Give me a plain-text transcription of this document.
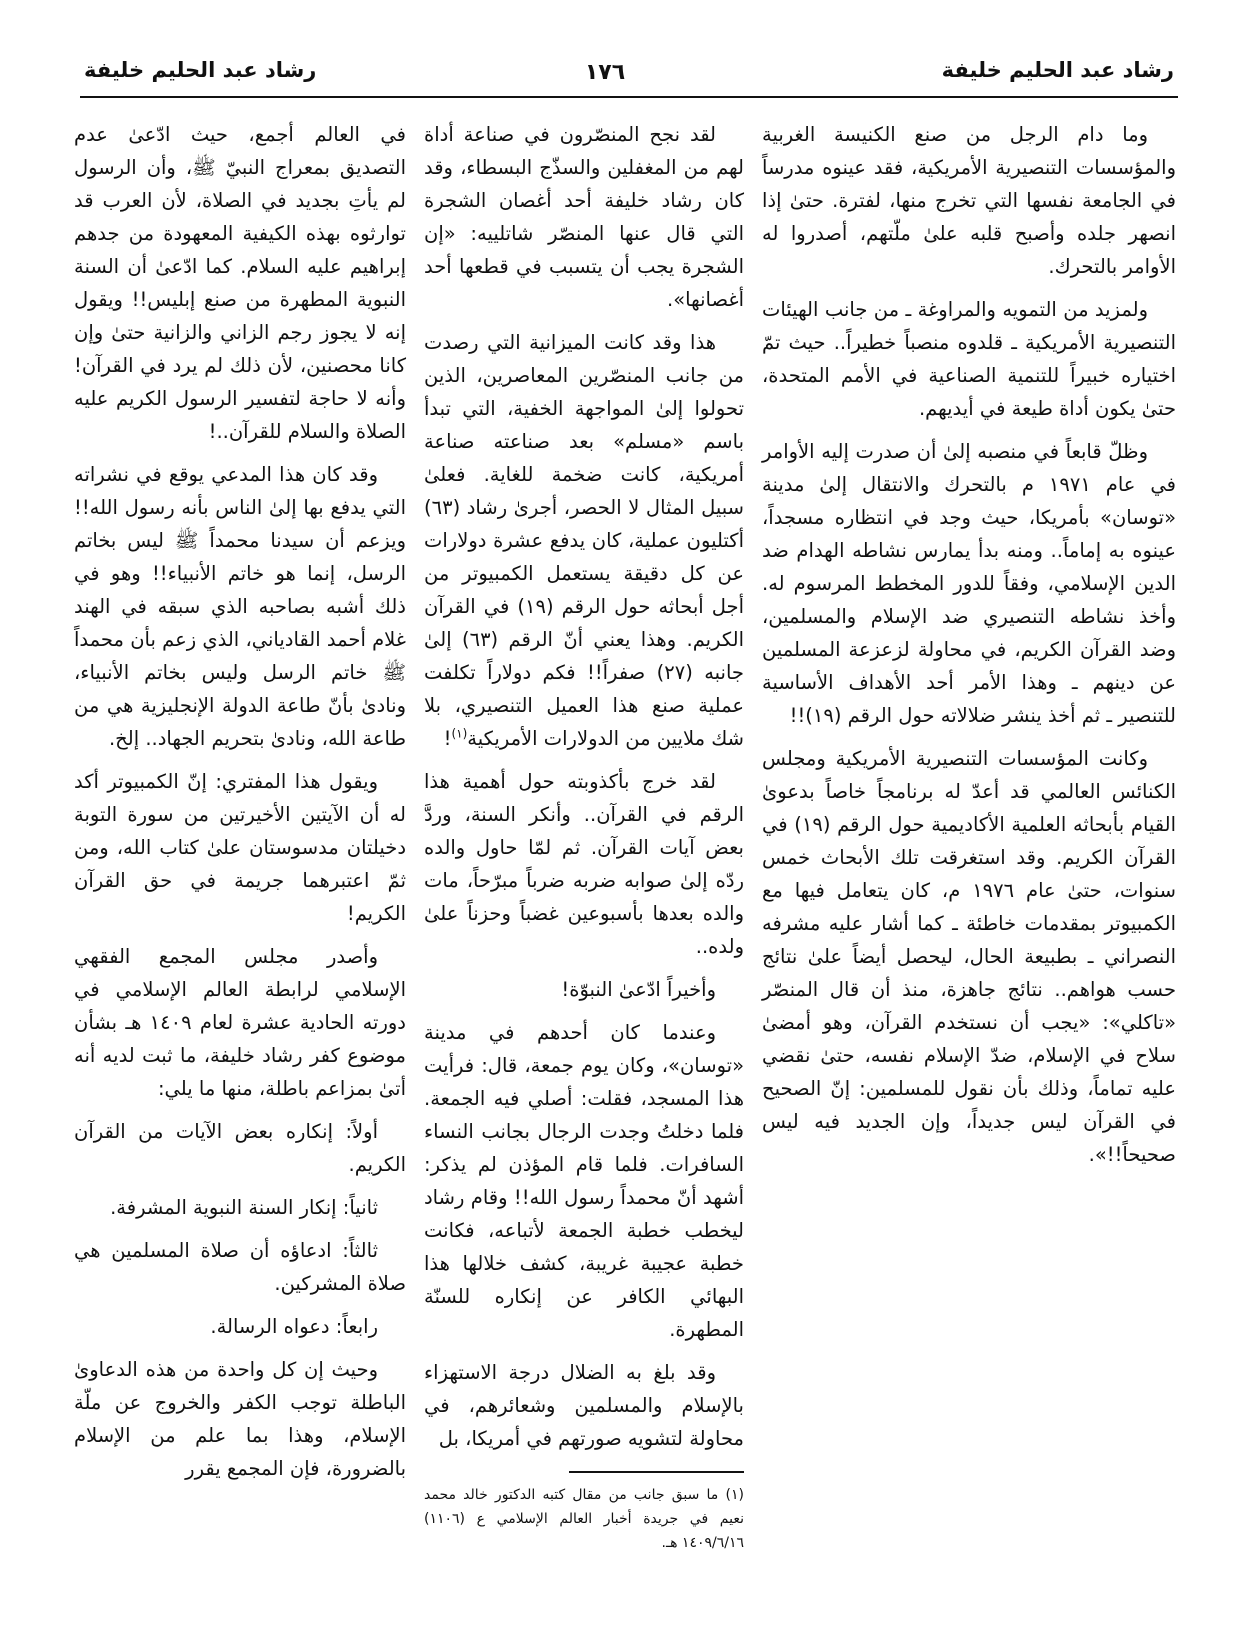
رشاد عبد الحليم خليفة
١٧٦
رشاد عبد الحليم خليفة

وما دام الرجل من صنع الكنيسة الغربية والمؤسسات التنصيرية الأمريكية، فقد عينوه مدرساً في الجامعة نفسها التي تخرج منها، لفترة. حتىٰ إذا انصهر جلده وأصبح قلبه علىٰ ملّتهم، أصدروا له الأوامر بالتحرك.

ولمزيد من التمويه والمراوغة ـ من جانب الهيئات التنصيرية الأمريكية ـ قلدوه منصباً خطيراً.. حيث تمّ اختياره خبيراً للتنمية الصناعية في الأمم المتحدة، حتىٰ يكون أداة طيعة في أيديهم.

وظلّ قابعاً في منصبه إلىٰ أن صدرت إليه الأوامر في عام ١٩٧١ م بالتحرك والانتقال إلىٰ مدينة «توسان» بأمريكا، حيث وجد في انتظاره مسجداً، عينوه به إماماً.. ومنه بدأ يمارس نشاطه الهدام ضد الدين الإسلامي، وفقاً للدور المخطط المرسوم له. وأخذ نشاطه التنصيري ضد الإسلام والمسلمين، وضد القرآن الكريم، في محاولة لزعزعة المسلمين عن دينهم ـ وهذا الأمر أحد الأهداف الأساسية للتنصير ـ ثم أخذ ينشر ضلالاته حول الرقم (١٩)!!

وكانت المؤسسات التنصيرية الأمريكية ومجلس الكنائس العالمي قد أعدّ له برنامجاً خاصاً بدعوىٰ القيام بأبحاثه العلمية الأكاديمية حول الرقم (١٩) في القرآن الكريم. وقد استغرقت تلك الأبحاث خمس سنوات، حتىٰ عام ١٩٧٦ م، كان يتعامل فيها مع الكمبيوتر بمقدمات خاطئة ـ كما أشار عليه مشرفه النصراني ـ بطبيعة الحال، ليحصل أيضاً علىٰ نتائج حسب هواهم.. نتائج جاهزة، منذ أن قال المنصّر «تاكلي»: «يجب أن نستخدم القرآن، وهو أمضىٰ سلاح في الإسلام، ضدّ الإسلام نفسه، حتىٰ نقضي عليه تماماً، وذلك بأن نقول للمسلمين: إنّ الصحيح في القرآن ليس جديداً، وإن الجديد فيه ليس صحيحاً!!».

لقد نجح المنصّرون في صناعة أداة لهم من المغفلين والسذّج البسطاء، وقد كان رشاد خليفة أحد أغصان الشجرة التي قال عنها المنصّر شاتلييه: «إن الشجرة يجب أن يتسبب في قطعها أحد أغصانها».

هذا وقد كانت الميزانية التي رصدت من جانب المنصّرين المعاصرين، الذين تحولوا إلىٰ المواجهة الخفية، التي تبدأ باسم «مسلم» بعد صناعته صناعة أمريكية، كانت ضخمة للغاية. فعلىٰ سبيل المثال لا الحصر، أجرىٰ رشاد (٦٣) أكتليون عملية، كان يدفع عشرة دولارات عن كل دقيقة يستعمل الكمبيوتر من أجل أبحاثه حول الرقم (١٩) في القرآن الكريم. وهذا يعني أنّ الرقم (٦٣) إلىٰ جانبه (٢٧) صفراً!! فكم دولاراً تكلفت عملية صنع هذا العميل التنصيري، بلا شك ملايين من الدولارات الأمريكية$^{(١)}$!

لقد خرج بأكذوبته حول أهمية هذا الرقم في القرآن.. وأنكر السنة، وردَّ بعض آيات القرآن. ثم لمّا حاول والده ردّه إلىٰ صوابه ضربه ضرباً مبرّحاً، مات والده بعدها بأسبوعين غضباً وحزناً علىٰ ولده..

وأخيراً ادّعىٰ النبوّة!

وعندما كان أحدهم في مدينة «توسان»، وكان يوم جمعة، قال: فرأيت هذا المسجد، فقلت: أصلي فيه الجمعة. فلما دخلتُ وجدت الرجال بجانب النساء السافرات. فلما قام المؤذن لم يذكر: أشهد أنّ محمداً رسول الله!! وقام رشاد ليخطب خطبة الجمعة لأتباعه، فكانت خطبة عجيبة غريبة، كشف خلالها هذا البهائي الكافر عن إنكاره للسنّة المطهرة.

وقد بلغ به الضلال درجة الاستهزاء بالإسلام والمسلمين وشعائرهم، في محاولة لتشويه صورتهم في أمريكا، بل

(١) ما سبق جانب من مقال كتبه الدكتور خالد محمد نعيم في جريدة أخبار العالم الإسلامي ع (١١٠٦) ١٤٠٩/٦/١٦ هـ.

في العالم أجمع، حيث ادّعىٰ عدم التصديق بمعراج النبيّ ﷺ، وأن الرسول لم يأتِ بجديد في الصلاة، لأن العرب قد توارثوه بهذه الكيفية المعهودة من جدهم إبراهيم عليه السلام. كما ادّعىٰ أن السنة النبوية المطهرة من صنع إبليس!! ويقول إنه لا يجوز رجم الزاني والزانية حتىٰ وإن كانا محصنين، لأن ذلك لم يرد في القرآن! وأنه لا حاجة لتفسير الرسول الكريم عليه الصلاة والسلام للقرآن..!

وقد كان هذا المدعي يوقع في نشراته التي يدفع بها إلىٰ الناس بأنه رسول الله!! ويزعم أن سيدنا محمداً ﷺ ليس بخاتم الرسل، إنما هو خاتم الأنبياء!! وهو في ذلك أشبه بصاحبه الذي سبقه في الهند غلام أحمد القادياني، الذي زعم بأن محمداً ﷺ خاتم الرسل وليس بخاتم الأنبياء، ونادىٰ بأنّ طاعة الدولة الإنجليزية هي من طاعة الله، ونادىٰ بتحريم الجهاد.. إلخ.

ويقول هذا المفتري: إنّ الكمبيوتر أكد له أن الآيتين الأخيرتين من سورة التوبة دخيلتان مدسوستان علىٰ كتاب الله، ومن ثمّ اعتبرهما جريمة في حق القرآن الكريم!

وأصدر مجلس المجمع الفقهي الإسلامي لرابطة العالم الإسلامي في دورته الحادية عشرة لعام ١٤٠٩ هـ بشأن موضوع كفر رشاد خليفة، ما ثبت لديه أنه أتىٰ بمزاعم باطلة، منها ما يلي:

أولاً: إنكاره بعض الآيات من القرآن الكريم.

ثانياً: إنكار السنة النبوية المشرفة.

ثالثاً: ادعاؤه أن صلاة المسلمين هي صلاة المشركين.

رابعاً: دعواه الرسالة.

وحيث إن كل واحدة من هذه الدعاوىٰ الباطلة توجب الكفر والخروج عن ملّة الإسلام، وهذا بما علم من الإسلام بالضرورة، فإن المجمع يقرر
